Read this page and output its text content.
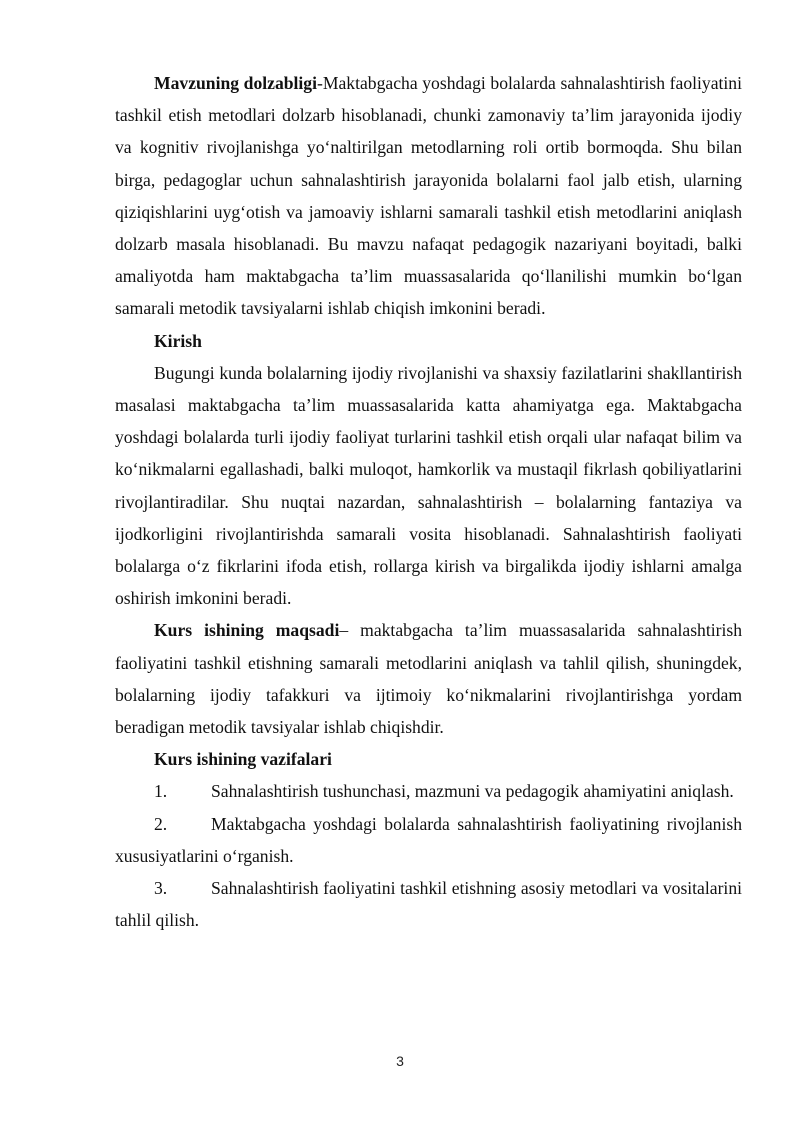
Mavzuning dolzabligi-Maktabgacha yoshdagi bolalarda sahnalashtirish faoliyatini tashkil etish metodlari dolzarb hisoblanadi, chunki zamonaviy ta’lim jarayonida ijodiy va kognitiv rivojlanishga yo‘naltirilgan metodlarning roli ortib bormoqda. Shu bilan birga, pedagoglar uchun sahnalashtirish jarayonida bolalarni faol jalb etish, ularning qiziqishlarini uyg‘otish va jamoaviy ishlarni samarali tashkil etish metodlarini aniqlash dolzarb masala hisoblanadi. Bu mavzu nafaqat pedagogik nazariyani boyitadi, balki amaliyotda ham maktabgacha ta’lim muassasalarida qo‘llanilishi mumkin bo‘lgan samarali metodik tavsiyalarni ishlab chiqish imkonini beradi.

Kirish

Bugungi kunda bolalarning ijodiy rivojlanishi va shaxsiy fazilatlarini shakllantirish masalasi maktabgacha ta’lim muassasalarida katta ahamiyatga ega. Maktabgacha yoshdagi bolalarda turli ijodiy faoliyat turlarini tashkil etish orqali ular nafaqat bilim va ko‘nikmalarni egallashadi, balki muloqot, hamkorlik va mustaqil fikrlash qobiliyatlarini rivojlantiradilar. Shu nuqtai nazardan, sahnalashtirish – bolalarning fantaziya va ijodkorligini rivojlantirishda samarali vosita hisoblanadi. Sahnalashtirish faoliyati bolalarga o‘z fikrlarini ifoda etish, rollarga kirish va birgalikda ijodiy ishlarni amalga oshirish imkonini beradi.

Kurs ishining maqsadi– maktabgacha ta’lim muassasalarida sahnalashtirish faoliyatini tashkil etishning samarali metodlarini aniqlash va tahlil qilish, shuningdek, bolalarning ijodiy tafakkuri va ijtimoiy ko‘nikmalarini rivojlantirishga yordam beradigan metodik tavsiyalar ishlab chiqishdir.

Kurs ishining vazifalari

1. Sahnalashtirish tushunchasi, mazmuni va pedagogik ahamiyatini aniqlash.

2. Maktabgacha yoshdagi bolalarda sahnalashtirish faoliyatining rivojlanish xususiyatlarini o‘rganish.

3. Sahnalashtirish faoliyatini tashkil etishning asosiy metodlari va vositalarini tahlil qilish.

3
